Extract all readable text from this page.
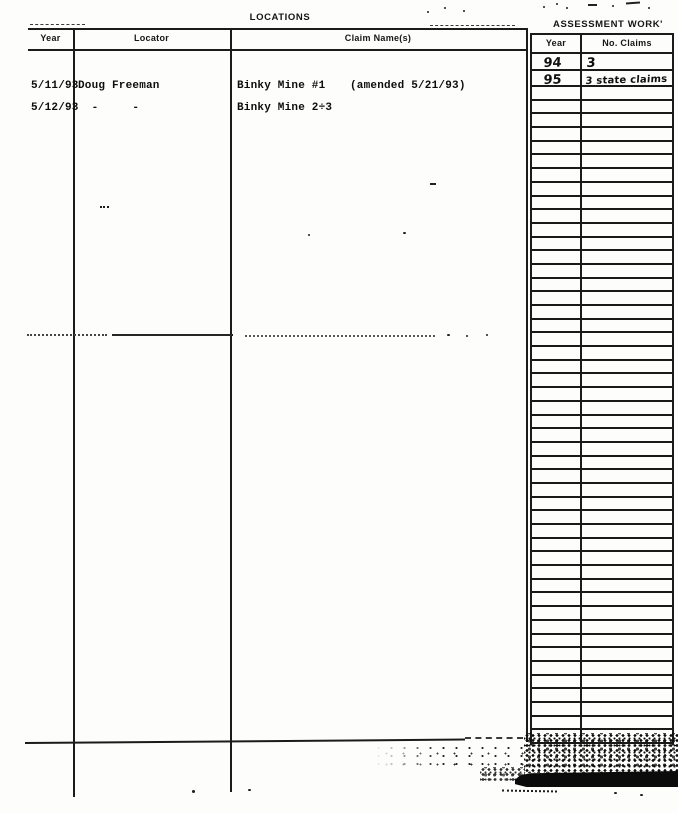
LOCATIONS
ASSESSMENT WORK'
Year	Locator	Claim Name(s)
5/11/93 Doug Freeman	Binky Mine #1 (amended 5/21/93)
5/12/93 -     -	Binky Mine 2÷3
Year	No. Claims
94	3
95	3 state claims
